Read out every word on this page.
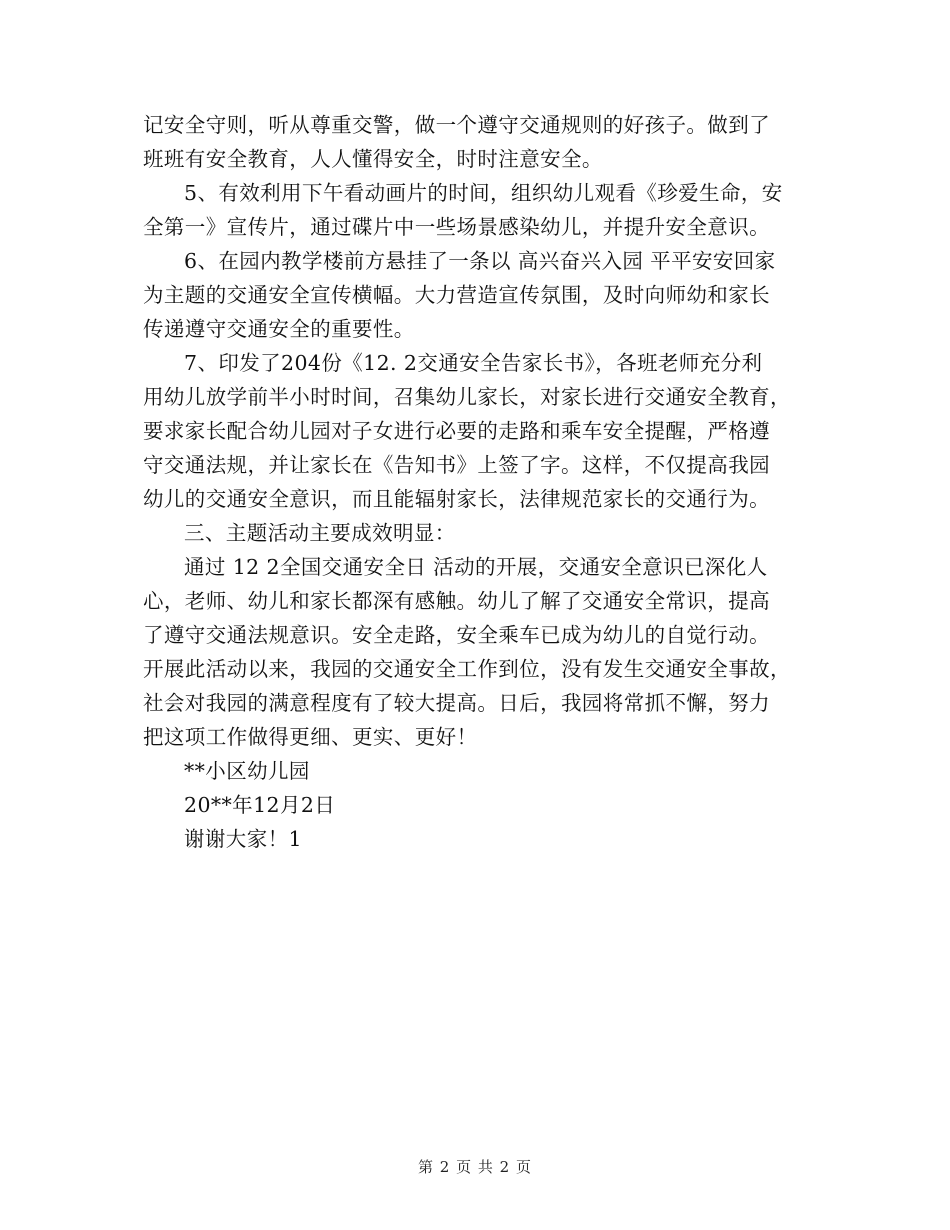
记安全守则，听从尊重交警，做一个遵守交通规则的好孩子。做到了
班班有安全教育，人人懂得安全，时时注意安全。
5、有效利用下午看动画片的时间，组织幼儿观看《珍爱生命，安
全第一》宣传片，通过碟片中一些场景感染幼儿，并提升安全意识。
6、在园内教学楼前方悬挂了一条以 高兴奋兴入园 平平安安回家
为主题的交通安全宣传横幅。大力营造宣传氛围，及时向师幼和家长
传递遵守交通安全的重要性。
7、印发了204份《12. 2交通安全告家长书》，各班老师充分利
用幼儿放学前半小时时间，召集幼儿家长，对家长进行交通安全教育，
要求家长配合幼儿园对子女进行必要的走路和乘车安全提醒，严格遵
守交通法规，并让家长在《告知书》上签了字。这样，不仅提高我园
幼儿的交通安全意识，而且能辐射家长，法律规范家长的交通行为。
三、主题活动主要成效明显：
通过 12 2全国交通安全日 活动的开展，交通安全意识已深化人
心，老师、幼儿和家长都深有感触。幼儿了解了交通安全常识，提高
了遵守交通法规意识。安全走路，安全乘车已成为幼儿的自觉行动。
开展此活动以来，我园的交通安全工作到位，没有发生交通安全事故，
社会对我园的满意程度有了较大提高。日后，我园将常抓不懈，努力
把这项工作做得更细、更实、更好！
**小区幼儿园
20**年12月2日
谢谢大家！1
第 2 页 共 2 页
